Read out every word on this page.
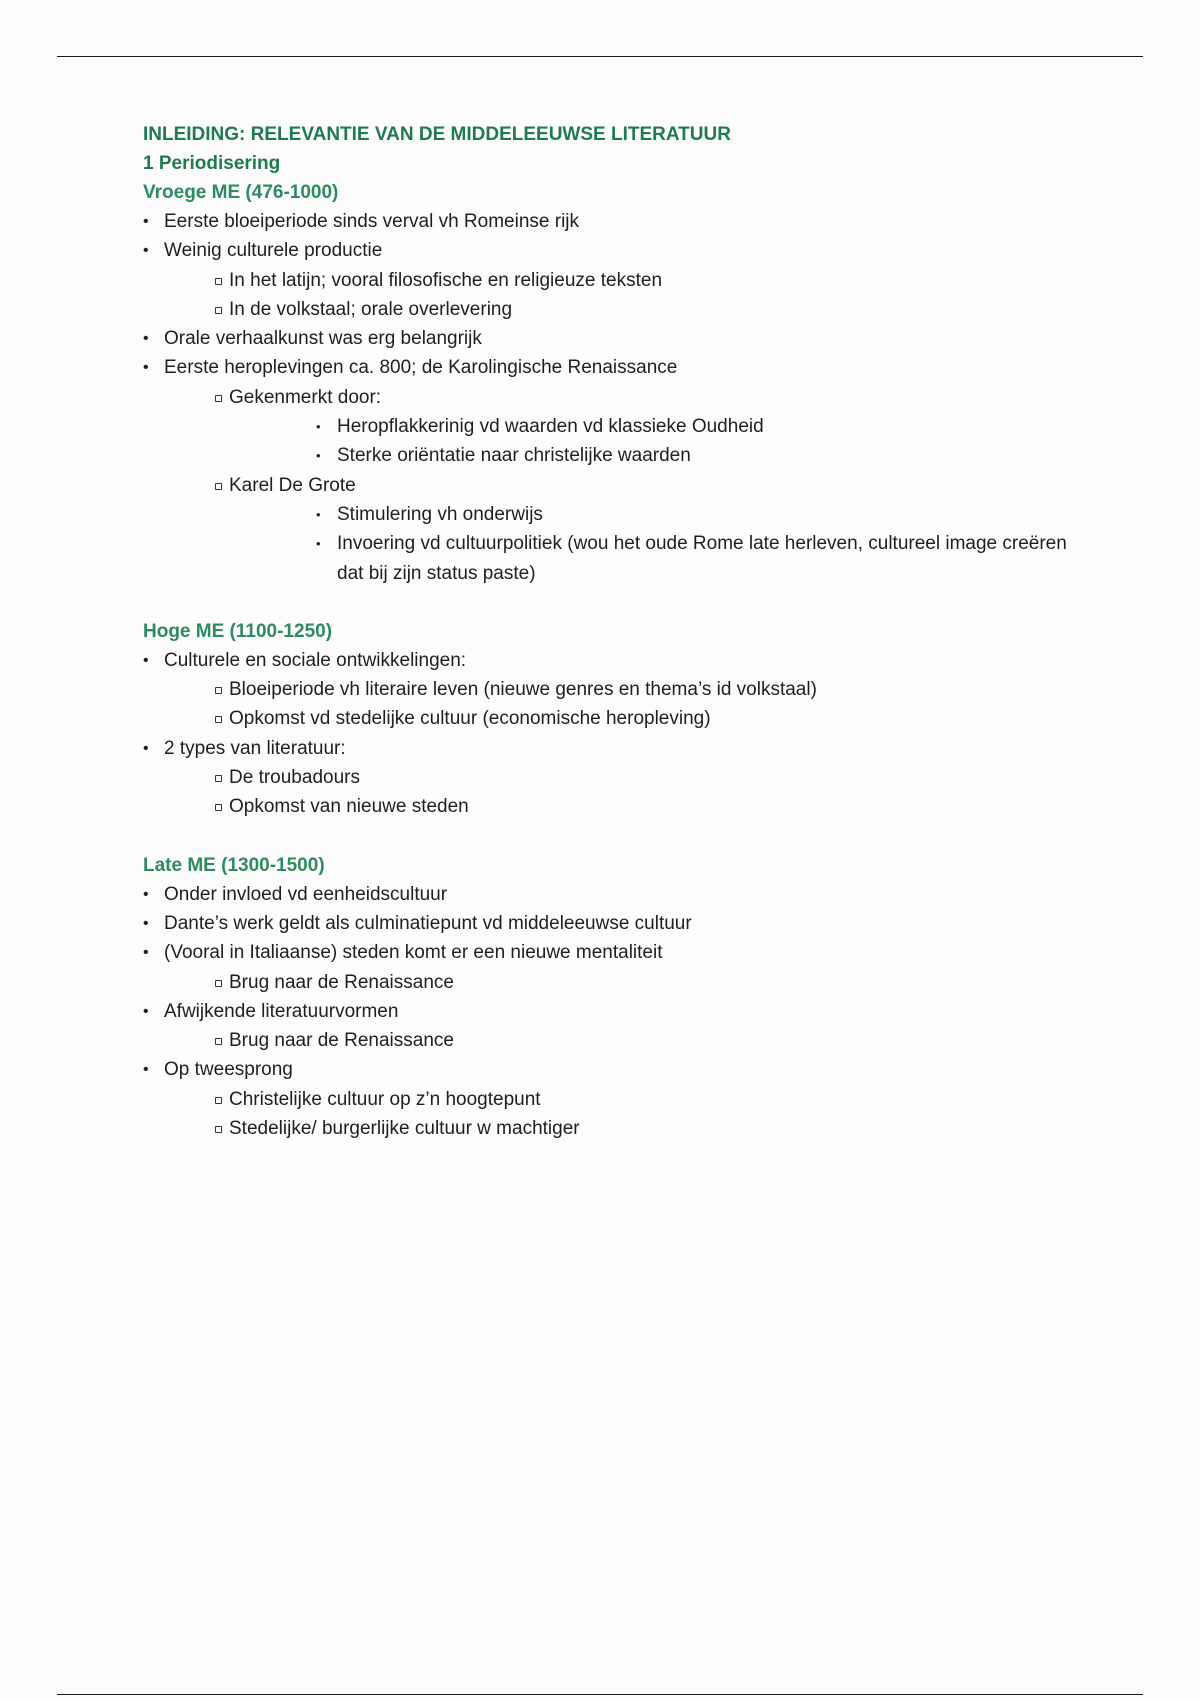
INLEIDING: RELEVANTIE VAN DE MIDDELEEUWSE LITERATUUR
1 Periodisering
Vroege ME (476-1000)
• Eerste bloeiperiode sinds verval vh Romeinse rijk
• Weinig culturele productie
In het latijn; vooral filosofische en religieuze teksten
In de volkstaal; orale overlevering
• Orale verhaalkunst was erg belangrijk
• Eerste heroplevingen ca. 800; de Karolingische Renaissance
Gekenmerkt door:
• Heropflakkerinig vd waarden vd klassieke Oudheid
• Sterke oriëntatie naar christelijke waarden
Karel De Grote
• Stimulering vh onderwijs
• Invoering vd cultuurpolitiek (wou het oude Rome late herleven, cultureel image creëren dat bij zijn status paste)
Hoge ME (1100-1250)
• Culturele en sociale ontwikkelingen:
Bloeiperiode vh literaire leven (nieuwe genres en thema’s id volkstaal)
Opkomst vd stedelijke cultuur (economische heropleving)
• 2 types van literatuur:
De troubadours
Opkomst van nieuwe steden
Late ME (1300-1500)
• Onder invloed vd eenheidscultuur
• Dante’s werk geldt als culminatiepunt vd middeleeuwse cultuur
• (Vooral in Italiaanse) steden komt er een nieuwe mentaliteit
Brug naar de Renaissance
• Afwijkende literatuurvormen
Brug naar de Renaissance
• Op tweesprong
Christelijke cultuur op z’n hoogtepunt
Stedelijke/ burgerlijke cultuur w machtiger
